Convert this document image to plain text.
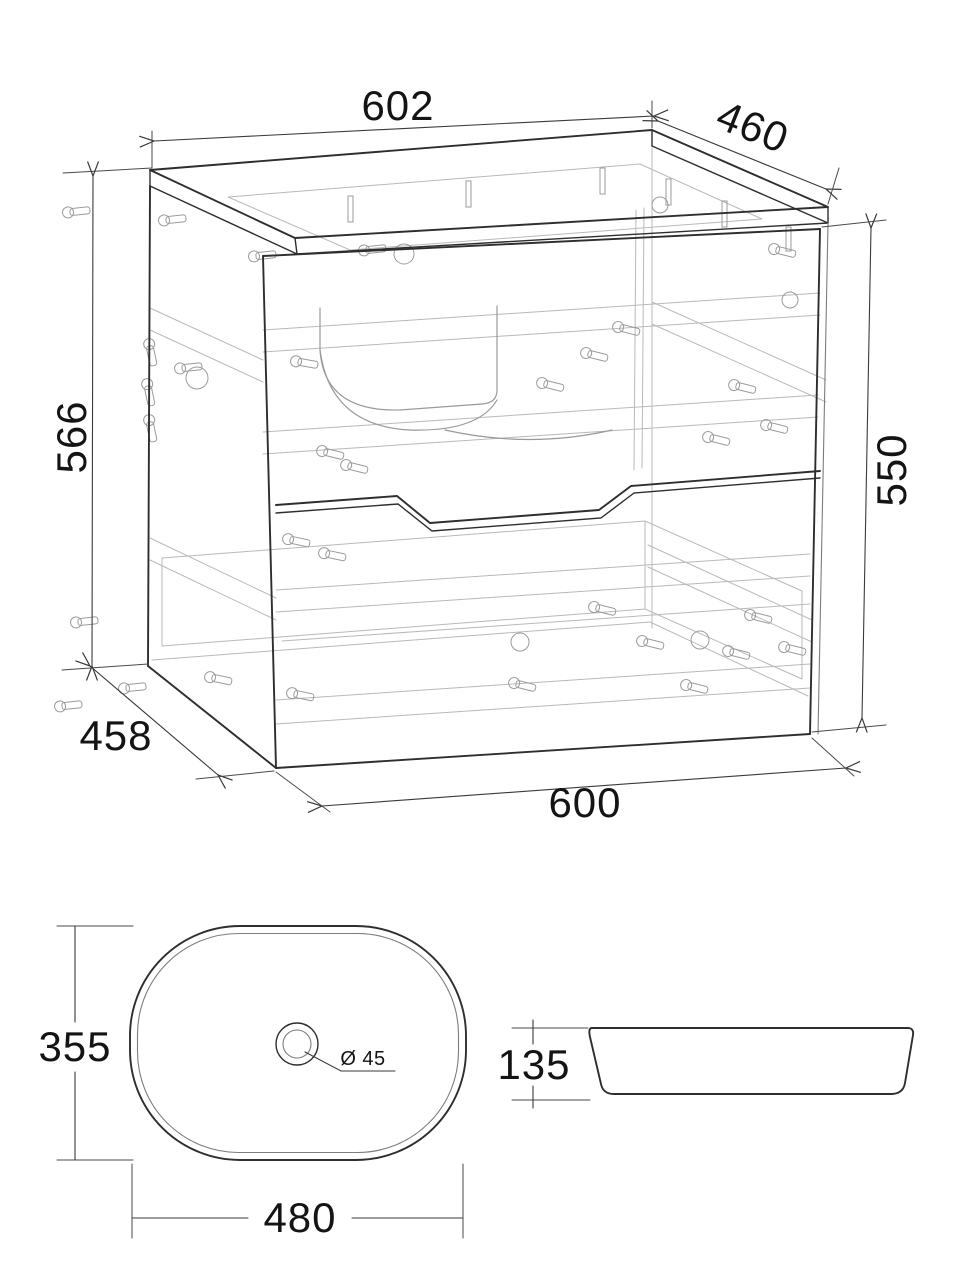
602	460
566	550
458
600
Ø 45
355
480
135
